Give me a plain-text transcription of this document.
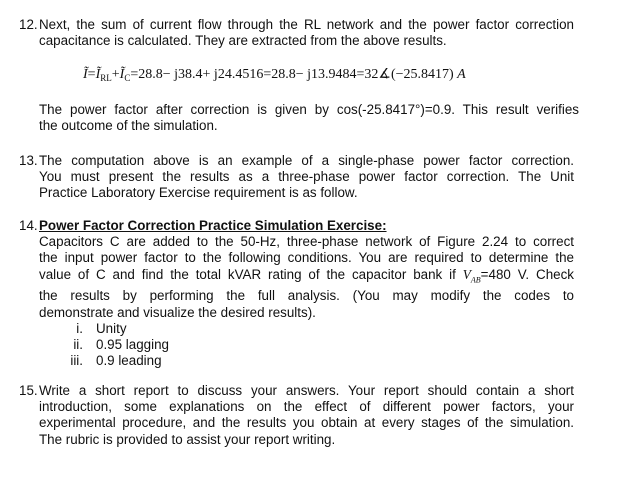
12. Next, the sum of current flow through the RL network and the power factor correction
capacitance is calculated. They are extracted from the above results.
$Ĩ=Ĩ_{RL}+Ĩ_C=28.8- j38.4+ j24.4516=28.8-$ j13.9484=32∡(−25.8417) A
The power factor after correction is given by cos(-25.8417°)=0.9. This result verifies
the outcome of the simulation.
13. The computation above is an example of a single-phase power factor correction.
You must present the results as a three-phase power factor correction. The Unit
Practice Laboratory Exercise requirement is as follow.
14. Power Factor Correction Practice Simulation Exercise:
Capacitors C are added to the 50-Hz, three-phase network of Figure 2.24 to correct
the input power factor to the following conditions. You are required to determine the
value of C and find the total kVAR rating of the capacitor bank if $V_{AB}=480$ V. Check
the results by performing the full analysis. (You may modify the codes to
demonstrate and visualize the desired results).
i. Unity
ii. 0.95 lagging
iii. 0.9 leading
15. Write a short report to discuss your answers. Your report should contain a short
introduction, some explanations on the effect of different power factors, your
experimental procedure, and the results you obtain at every stages of the simulation.
The rubric is provided to assist your report writing.
